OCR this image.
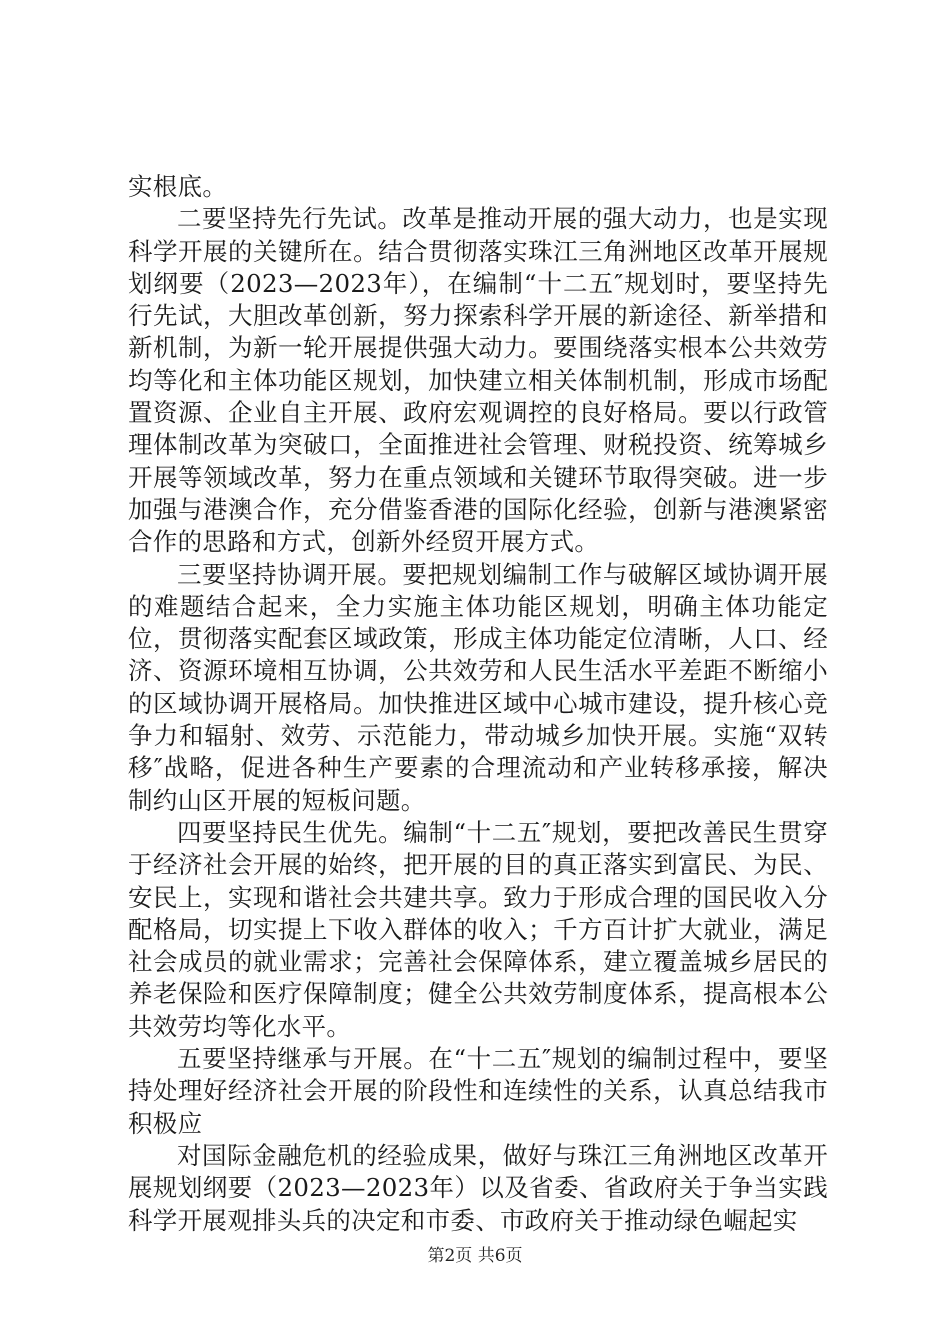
实根底。

二要坚持先行先试。改革是推动开展的强大动力，也是实现科学开展的关键所在。结合贯彻落实珠江三角洲地区改革开展规划纲要（2023—2023年），在编制“十二五″规划时，要坚持先行先试，大胆改革创新，努力探索科学开展的新途径、新举措和新机制，为新一轮开展提供强大动力。要围绕落实根本公共效劳均等化和主体功能区规划，加快建立相关体制机制，形成市场配置资源、企业自主开展、政府宏观调控的良好格局。要以行政管理体制改革为突破口，全面推进社会管理、财税投资、统筹城乡开展等领域改革，努力在重点领域和关键环节取得突破。进一步加强与港澳合作，充分借鉴香港的国际化经验，创新与港澳紧密合作的思路和方式，创新外经贸开展方式。

三要坚持协调开展。要把规划编制工作与破解区域协调开展的难题结合起来，全力实施主体功能区规划，明确主体功能定位，贯彻落实配套区域政策，形成主体功能定位清晰，人口、经济、资源环境相互协调，公共效劳和人民生活水平差距不断缩小的区域协调开展格局。加快推进区域中心城市建设，提升核心竞争力和辐射、效劳、示范能力，带动城乡加快开展。实施“双转移″战略，促进各种生产要素的合理流动和产业转移承接，解决制约山区开展的短板问题。

四要坚持民生优先。编制“十二五″规划，要把改善民生贯穿于经济社会开展的始终，把开展的目的真正落实到富民、为民、安民上，实现和谐社会共建共享。致力于形成合理的国民收入分配格局，切实提上下收入群体的收入；千方百计扩大就业，满足社会成员的就业需求；完善社会保障体系，建立覆盖城乡居民的养老保险和医疗保障制度；健全公共效劳制度体系，提高根本公共效劳均等化水平。

五要坚持继承与开展。在“十二五″规划的编制过程中，要坚持处理好经济社会开展的阶段性和连续性的关系，认真总结我市积极应

对国际金融危机的经验成果，做好与珠江三角洲地区改革开展规划纲要（2023—2023年）以及省委、省政府关于争当实践科学开展观排头兵的决定和市委、市政府关于推动绿色崛起实

第2页 共6页
